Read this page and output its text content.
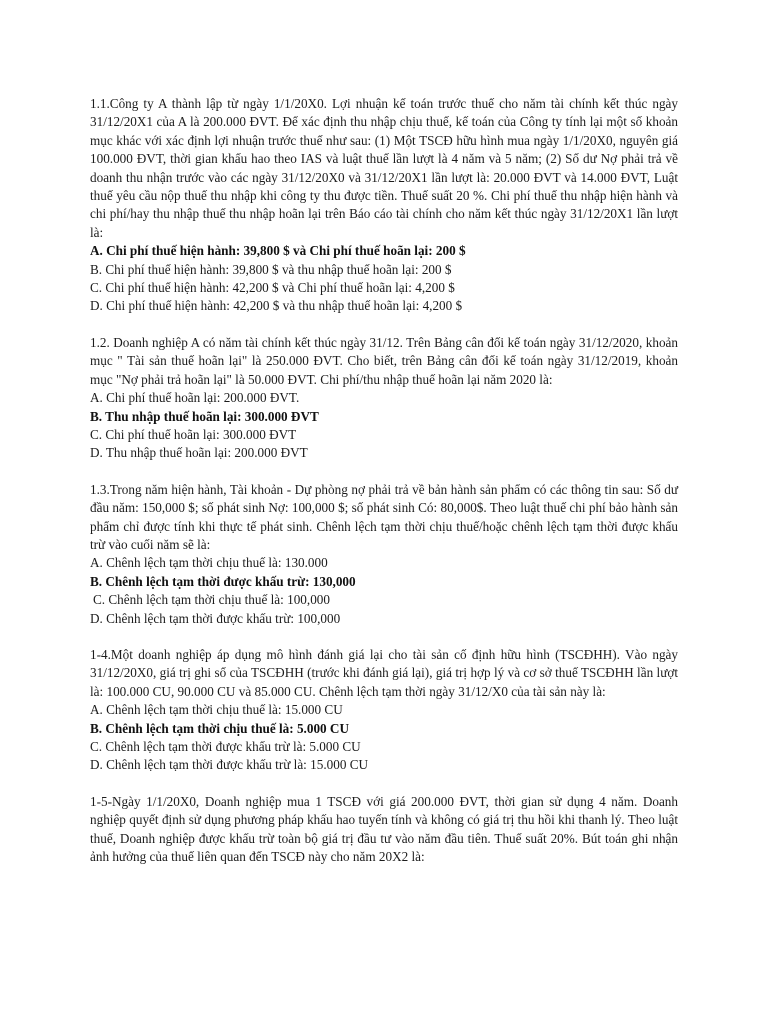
1.1.Công ty A thành lập từ ngày 1/1/20X0. Lợi nhuận kế toán trước thuế cho năm tài chính kết thúc ngày 31/12/20X1 của A là 200.000 ĐVT. Để xác định thu nhập chịu thuế, kế toán của Công ty tính lại một số khoản mục khác với xác định lợi nhuận trước thuế như sau: (1) Một TSCĐ hữu hình mua ngày 1/1/20X0, nguyên giá 100.000 ĐVT, thời gian khấu hao theo IAS và luật thuế lần lượt là 4 năm và 5 năm; (2) Số dư Nợ phải trả về doanh thu nhận trước vào các ngày 31/12/20X0 và 31/12/20X1 lần lượt là: 20.000 ĐVT và 14.000 ĐVT, Luật thuế yêu cầu nộp thuế thu nhập khi công ty thu được tiền. Thuế suất 20 %. Chi phí thuế thu nhập hiện hành và chi phí/hay thu nhập thuế thu nhập hoãn lại trên Báo cáo tài chính cho năm kết thúc ngày 31/12/20X1 lần lượt là:
A. Chi phí thuế hiện hành: 39,800 $ và Chi phí thuế hoãn lại: 200 $
B. Chi phí thuế hiện hành: 39,800 $ và thu nhập thuế hoãn lại: 200 $
C. Chi phí thuế hiện hành: 42,200 $ và Chi phí thuế hoãn lại: 4,200 $
D. Chi phí thuế hiện hành: 42,200 $ và thu nhập thuế hoãn lại: 4,200 $
1.2. Doanh nghiệp A có năm tài chính kết thúc ngày 31/12. Trên Bảng cân đối kế toán ngày 31/12/2020, khoản mục " Tài sản thuế hoãn lại" là 250.000 ĐVT. Cho biết, trên Bảng cân đối kế toán ngày 31/12/2019, khoản mục "Nợ phải trả hoãn lại" là 50.000 ĐVT. Chi phí/thu nhập thuế hoãn lại năm 2020 là:
A. Chi phí thuế hoãn lại: 200.000 ĐVT.
B. Thu nhập thuế hoãn lại: 300.000 ĐVT
C. Chi phí thuế hoãn lại: 300.000 ĐVT
D. Thu nhập thuế hoãn lại: 200.000 ĐVT
1.3.Trong năm hiện hành, Tài khoản - Dự phòng nợ phải trả về bản hành sản phẩm có các thông tin sau: Số dư đầu năm: 150,000 $; số phát sinh Nợ: 100,000 $; số phát sinh Có: 80,000$. Theo luật thuế chi phí bảo hành sản phẩm chỉ được tính khi thực tế phát sinh. Chênh lệch tạm thời chịu thuế/hoặc chênh lệch tạm thời được khấu trừ vào cuối năm sẽ là:
A. Chênh lệch tạm thời chịu thuế là: 130.000
B. Chênh lệch tạm thời được khấu trừ: 130,000
C. Chênh lệch tạm thời chịu thuế là: 100,000
D. Chênh lệch tạm thời được khấu trừ: 100,000
1-4.Một doanh nghiệp áp dụng mô hình đánh giá lại cho tài sản cố định hữu hình (TSCĐHH). Vào ngày 31/12/20X0, giá trị ghi sổ của TSCĐHH (trước khi đánh giá lại), giá trị hợp lý và cơ sở thuế TSCĐHH lần lượt là: 100.000 CU, 90.000 CU và 85.000 CU. Chênh lệch tạm thời ngày 31/12/X0 của tài sản này là:
A. Chênh lệch tạm thời chịu thuế là: 15.000 CU
B. Chênh lệch tạm thời chịu thuế là: 5.000 CU
C. Chênh lệch tạm thời được khấu trừ là: 5.000 CU
D. Chênh lệch tạm thời được khấu trừ là: 15.000 CU
1-5-Ngày 1/1/20X0, Doanh nghiệp mua 1 TSCĐ với giá 200.000 ĐVT, thời gian sử dụng 4 năm. Doanh nghiệp quyết định sử dụng phương pháp khấu hao tuyến tính và không có giá trị thu hồi khi thanh lý. Theo luật thuế, Doanh nghiệp được khấu trừ toàn bộ giá trị đầu tư vào năm đầu tiên. Thuế suất 20%. Bút toán ghi nhận ảnh hưởng của thuế liên quan đến TSCĐ này cho năm 20X2 là:
